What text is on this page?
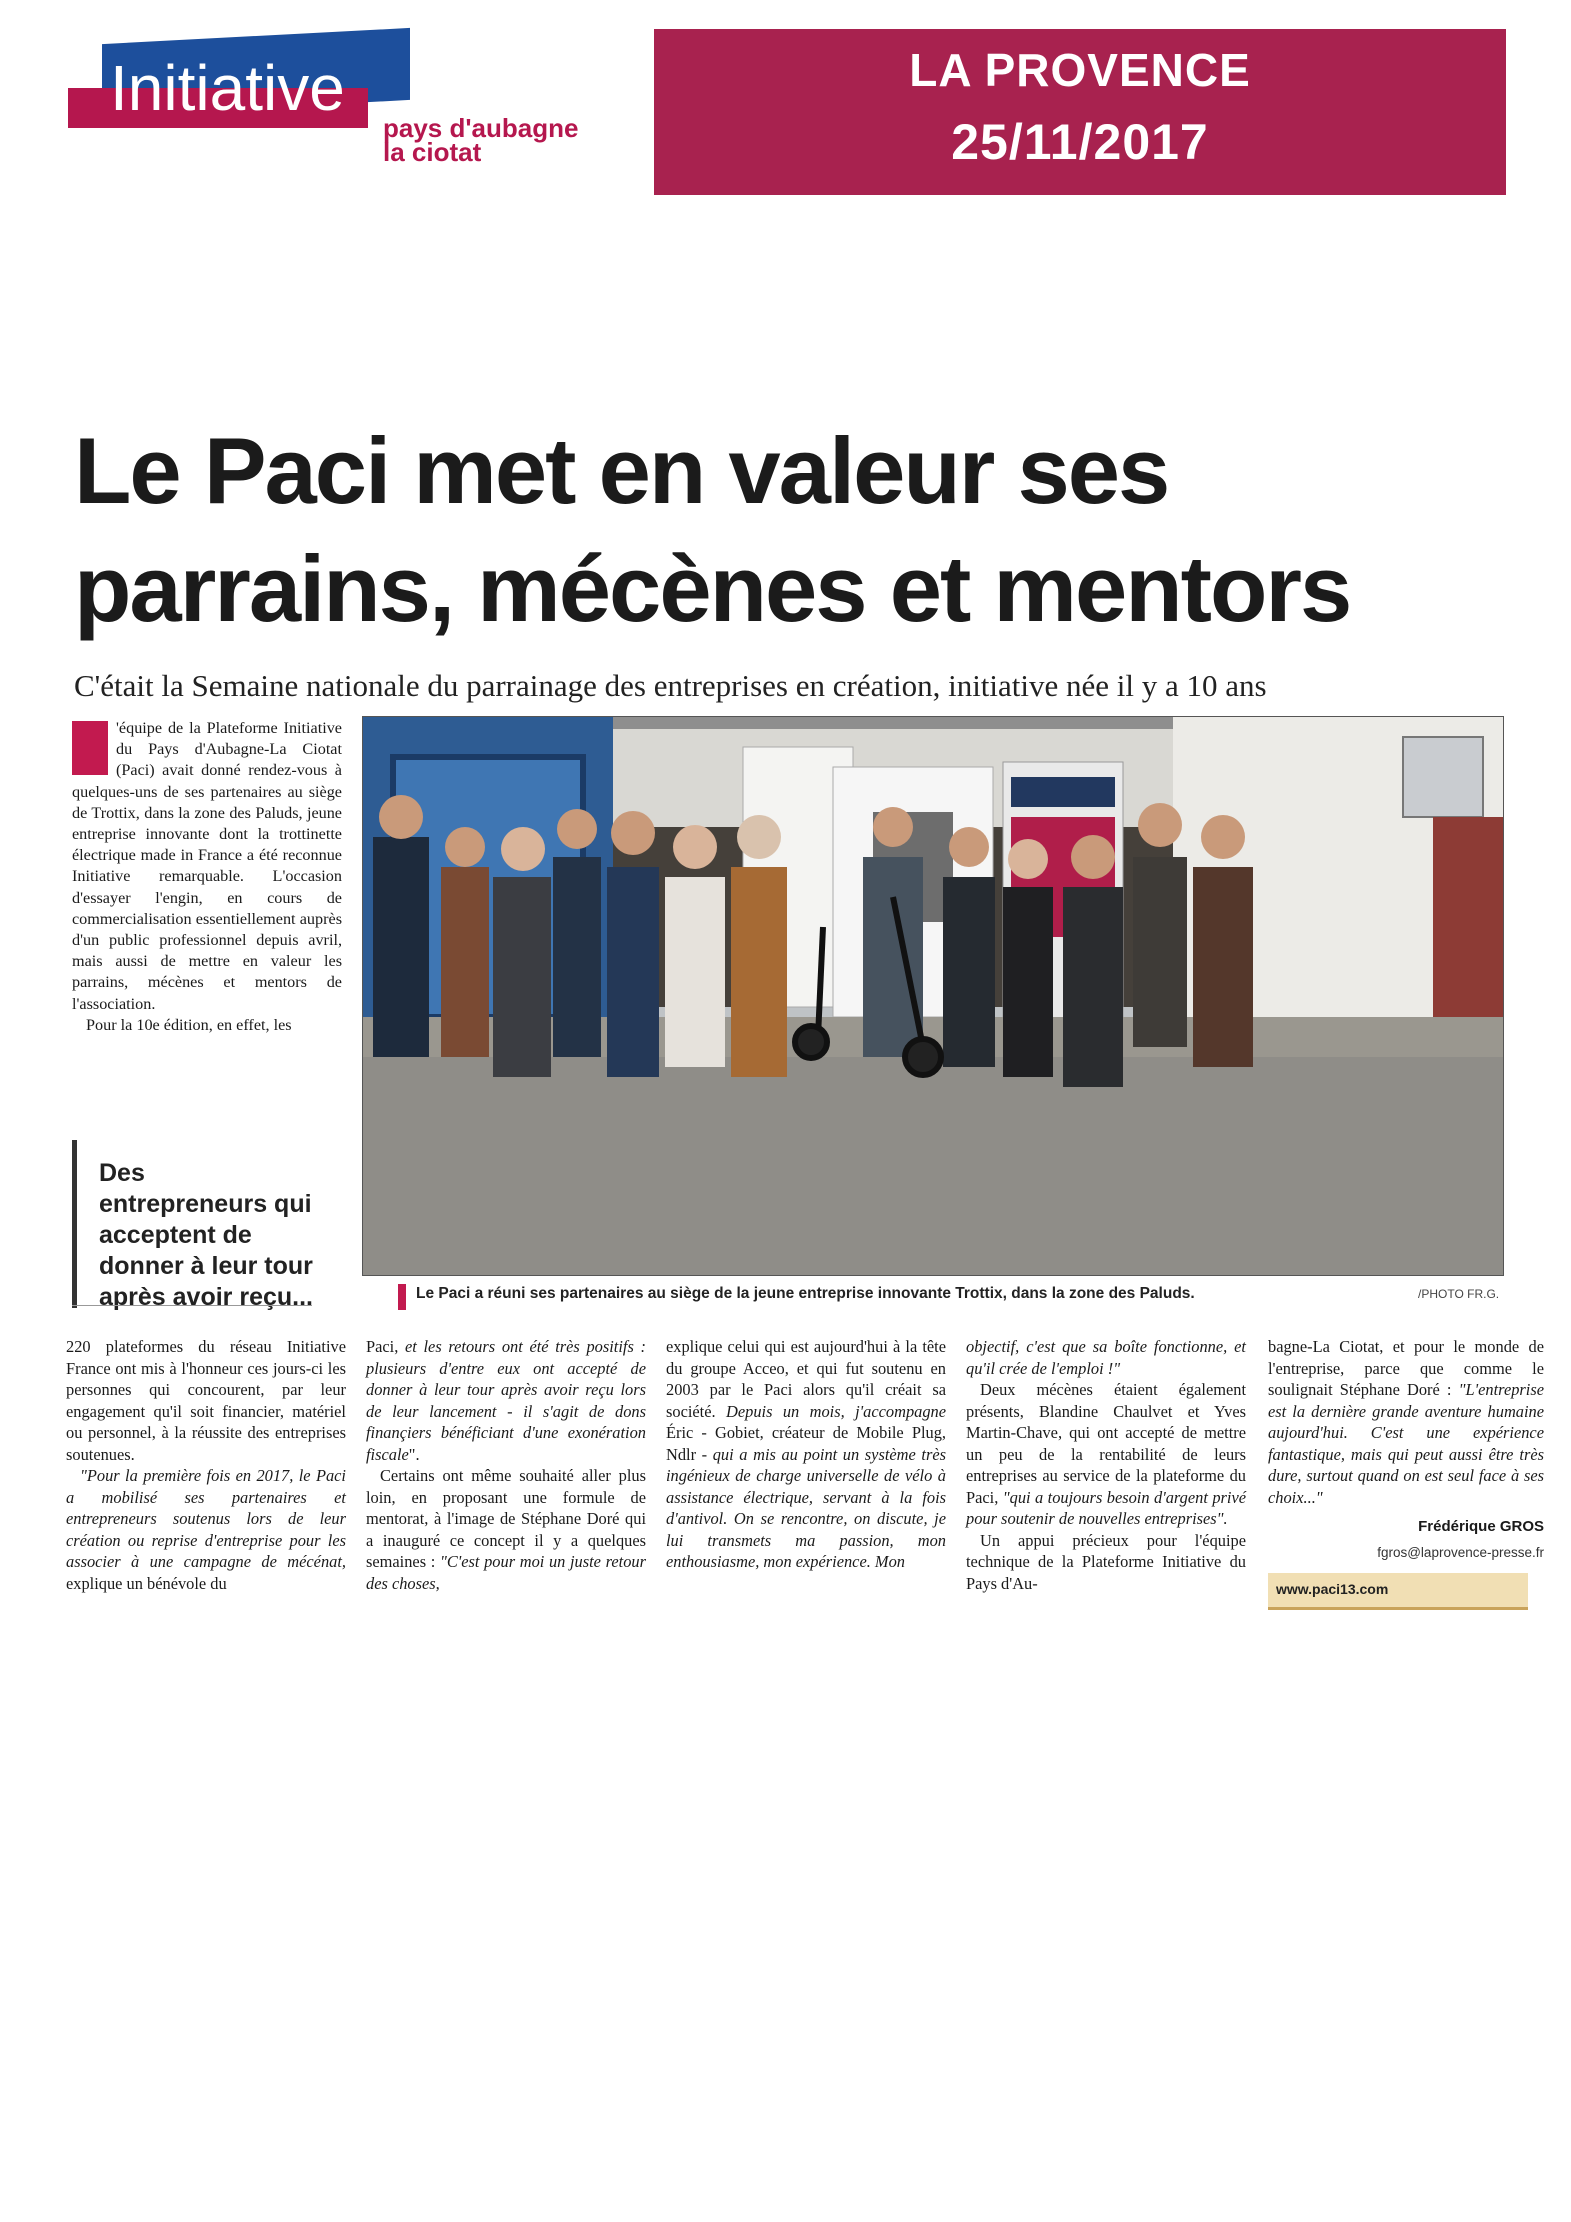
Initiative
pays d'aubagne
la ciotat
LA PROVENCE
25/11/2017
Le Paci met en valeur ses
parrains, mécènes et mentors
C'était la Semaine nationale du parrainage des entreprises en création, initiative née il y a 10 ans

'équipe de la Plateforme Initiative du Pays d'Aubagne-La Ciotat (Paci) avait donné rendez-vous à quelques-uns de ses partenaires au siège de Trottix, dans la zone des Paluds, jeune entreprise innovante dont la trottinette électrique made in France a été reconnue Initiative remarquable. L'occasion d'essayer l'engin, en cours de commercialisation essentiellement auprès d'un public professionnel depuis avril, mais aussi de mettre en valeur les parrains, mécènes et mentors de l'association.

Pour la 10e édition, en effet, les

Des entrepreneurs qui acceptent de donner à leur tour après avoir reçu...	Le Paci a réuni ses partenaires au siège de la jeune entreprise innovante Trottix, dans la zone des Paluds.	/PHOTO FR.G.

220 plateformes du réseau Initiative France ont mis à l'honneur ces jours-ci les personnes qui concourent, par leur engagement qu'il soit financier, matériel ou personnel, à la réussite des entreprises soutenues.

"Pour la première fois en 2017, le Paci a mobilisé ses partenaires et entrepreneurs soutenus lors de leur création ou reprise d'entreprise pour les associer à une campagne de mécénat, explique un bénévole du

Paci, et les retours ont été très positifs : plusieurs d'entre eux ont accepté de donner à leur tour après avoir reçu lors de leur lancement - il s'agit de dons finançiers bénéficiant d'une exonération fiscale".

Certains ont même souhaité aller plus loin, en proposant une formule de mentorat, à l'image de Stéphane Doré qui a inauguré ce concept il y a quelques semaines : "C'est pour moi un juste retour des choses,

explique celui qui est aujourd'hui à la tête du groupe Acceo, et qui fut soutenu en 2003 par le Paci alors qu'il créait sa société. Depuis un mois, j'accompagne Éric - Gobiet, créateur de Mobile Plug, Ndlr - qui a mis au point un système très ingénieux de charge universelle de vélo à assistance électrique, servant à la fois d'antivol. On se rencontre, on discute, je lui transmets ma passion, mon enthousiasme, mon expérience. Mon

objectif, c'est que sa boîte fonctionne, et qu'il crée de l'emploi !"

Deux mécènes étaient également présents, Blandine Chaulvet et Yves Martin-Chave, qui ont accepté de mettre un peu de la rentabilité de leurs entreprises au service de la plateforme du Paci, "qui a toujours besoin d'argent privé pour soutenir de nouvelles entreprises".

Un appui précieux pour l'équipe technique de la Plateforme Initiative du Pays d'Au-

bagne-La Ciotat, et pour le monde de l'entreprise, parce que comme le soulignait Stéphane Doré : "L'entreprise est la dernière grande aventure humaine aujourd'hui. C'est une expérience fantastique, mais qui peut aussi être très dure, surtout quand on est seul face à ses choix..."

Frédérique GROS

fgros@laprovence-presse.fr

www.paci13.com
